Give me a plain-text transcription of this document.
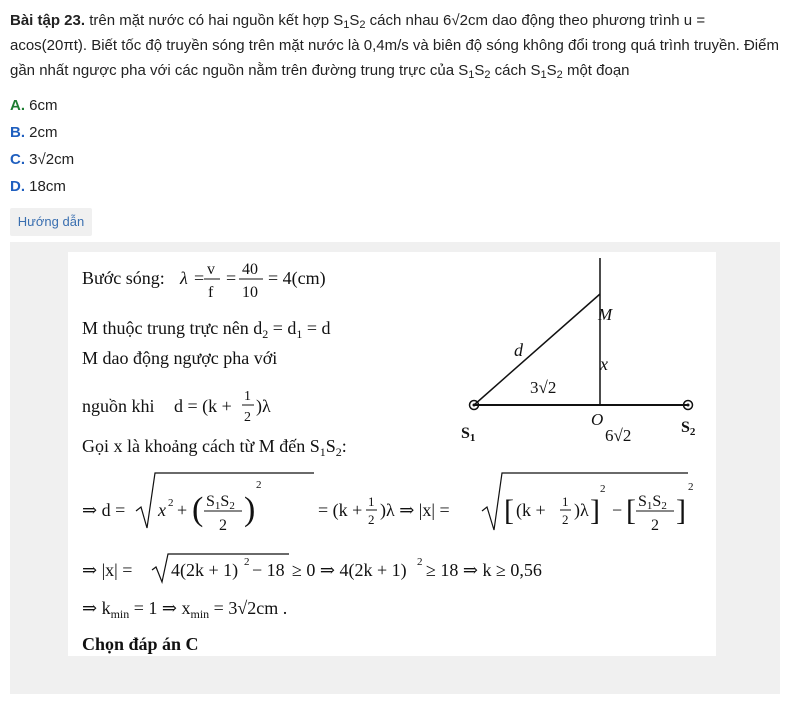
Bài tập 23. trên mặt nước có hai nguồn kết hợp $S_1S_2$ cách nhau 6√2cm dao động theo phương trình u =
acos(20πt). Biết tốc độ truyền sóng trên mặt nước là 0,4m/s và biên độ sóng không đổi trong quá trình truyền. Điểm
gần nhất ngược pha với các nguồn nằm trên đường trung trực của $S_1S_2$ cách $S_1S_2$ một đoạn
A. 6cm
B. 2cm
C. 3√2cm
D. 18cm
Hướng dẫn
Bước sóng: λ = v
f
= 40
10
= 4(cm)
M thuộc trung trực nên $d_2 = d_1 = d$
M dao động ngược pha với
nguồn khi d = (k + 1
2
)λ
Gọi x là khoảng cách từ M đến $S_1S_2$:
M
d
x
3√2
O
6√2
S1
S2
⇒ d = x 2 + ( S1S2
2 )
2
= (k + 1
2 )λ ⇒ |x| = [ (k + 1
2 )λ ]
2
− [ S1S2
2 ]
2
⇒ |x| = 4(2k + 1) 2 − 18 ≥ 0 ⇒ 4(2k + 1) 2 ≥ 18 ⇒ k ≥ 0,56
⇒ $k_{min} = 1$ ⇒ $x_{min} = 3√2cm$ .
Chọn đáp án C
